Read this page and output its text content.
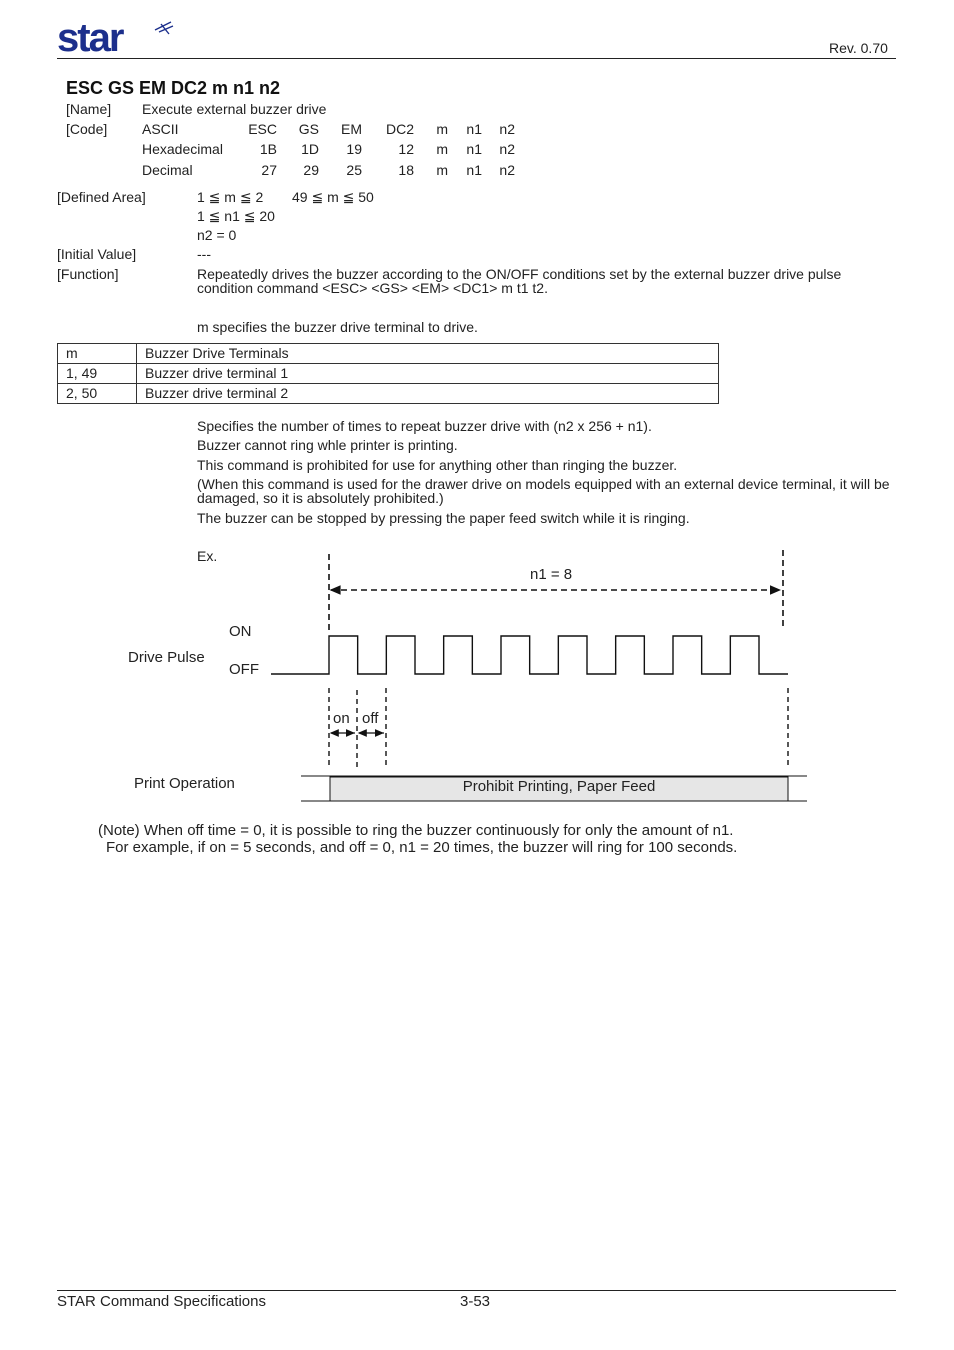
star	Rev. 0.70
ESC GS EM DC2 m n1 n2
[Name] Execute external buzzer drive
[Code] ASCII	ESC GS EM DC2 m n1 n2
Hexadecimal	1B 1D 19	12 m n1 n2
Decimal	27 29 25	18 m n1 n2
[Defined Area]	1 ≦ m ≦ 2 49 ≦ m ≦ 50
1 ≦ n1 ≦ 20
n2 = 0
[Initial Value]	---
[Function]	Repeatedly drives the buzzer according to the ON/OFF conditions set by the external buzzer drive pulse condition command <ESC> <GS> <EM> <DC1> m t1 t2.
m specifies the buzzer drive terminal to drive.
m	Buzzer Drive Terminals
1, 49	Buzzer drive terminal 1
2, 50	Buzzer drive terminal 2
Specifies the number of times to repeat buzzer drive with (n2 x 256 + n1).
Buzzer cannot ring whle printer is printing.
This command is prohibited for use for anything other than ringing the buzzer.
(When this command is used for the drawer drive on models equipped with an external device terminal, it will be damaged, so it is absolutely prohibited.)
The buzzer can be stopped by pressing the paper feed switch while it is ringing.
Ex.
n1 = 8
ON
OFF
Drive Pulse
on off
Print Operation	Prohibit Printing, Paper Feed
(Note) When off time = 0, it is possible to ring the buzzer continuously for only the amount of n1.
For example, if on = 5 seconds, and off = 0, n1 = 20 times, the buzzer will ring for 100 seconds.
STAR Command Specifications	3-53
